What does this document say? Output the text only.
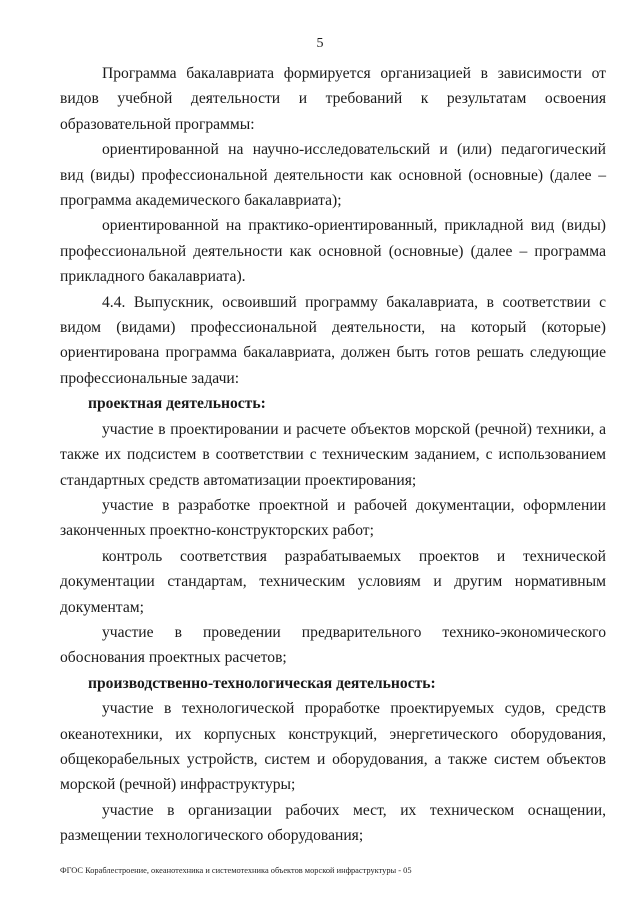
5

Программа бакалавриата формируется организацией в зависимости от видов учебной деятельности и требований к результатам освоения образовательной программы:

ориентированной на научно-исследовательский и (или) педагогический вид (виды) профессиональной деятельности как основной (основные) (далее – программа академического бакалавриата);

ориентированной на практико-ориентированный, прикладной вид (виды) профессиональной деятельности как основной (основные) (далее – программа прикладного бакалавриата).

4.4. Выпускник, освоивший программу бакалавриата, в соответствии с видом (видами) профессиональной деятельности, на который (которые) ориентирована программа бакалавриата, должен быть готов решать следующие профессиональные задачи:

проектная деятельность:

участие в проектировании и расчете объектов морской (речной) техники, а также их подсистем в соответствии с техническим заданием, с использованием стандартных средств автоматизации проектирования;

участие в разработке проектной и рабочей документации, оформлении законченных проектно-конструкторских работ;

контроль соответствия разрабатываемых проектов и технической документации стандартам, техническим условиям и другим нормативным документам;

участие в проведении предварительного технико-экономического обоснования проектных расчетов;

производственно-технологическая деятельность:

участие в технологической проработке проектируемых судов, средств океанотехники, их корпусных конструкций, энергетического оборудования, общекорабельных устройств, систем и оборудования, а также систем объектов морской (речной) инфраструктуры;

участие в организации рабочих мест, их техническом оснащении, размещении технологического оборудования;

ФГОС Кораблестроение, океанотехника и системотехника объектов морской инфраструктуры - 05
